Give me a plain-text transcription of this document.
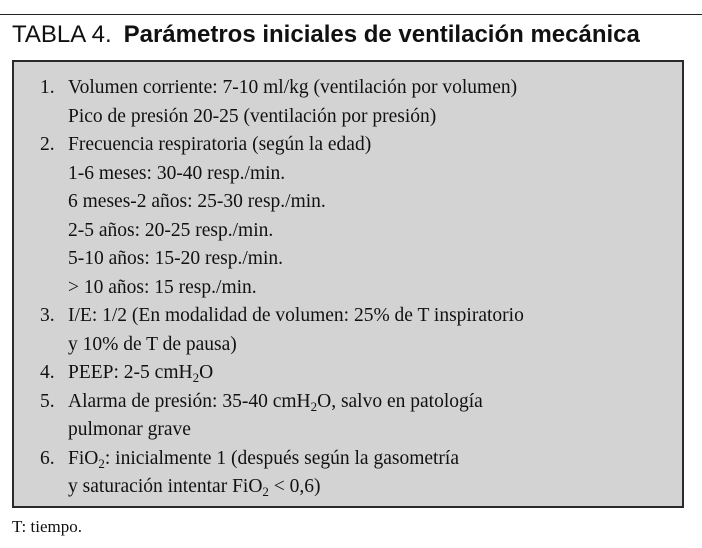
TABLA 4. Parámetros iniciales de ventilación mecánica
1. Volumen corriente: 7-10 ml/kg (ventilación por volumen)
Pico de presión 20-25 (ventilación por presión)
2. Frecuencia respiratoria (según la edad)
1-6 meses: 30-40 resp./min.
6 meses-2 años: 25-30 resp./min.
2-5 años: 20-25 resp./min.
5-10 años: 15-20 resp./min.
> 10 años: 15 resp./min.
3. I/E: 1/2 (En modalidad de volumen: 25% de T inspiratorio
y 10% de T de pausa)
4. PEEP: 2-5 cmH$_2$O
5. Alarma de presión: 35-40 cmH$_2$O, salvo en patología
pulmonar grave
6. FiO$_2$: inicialmente 1 (después según la gasometría
y saturación intentar FiO$_2$ < 0,6)
T: tiempo.
